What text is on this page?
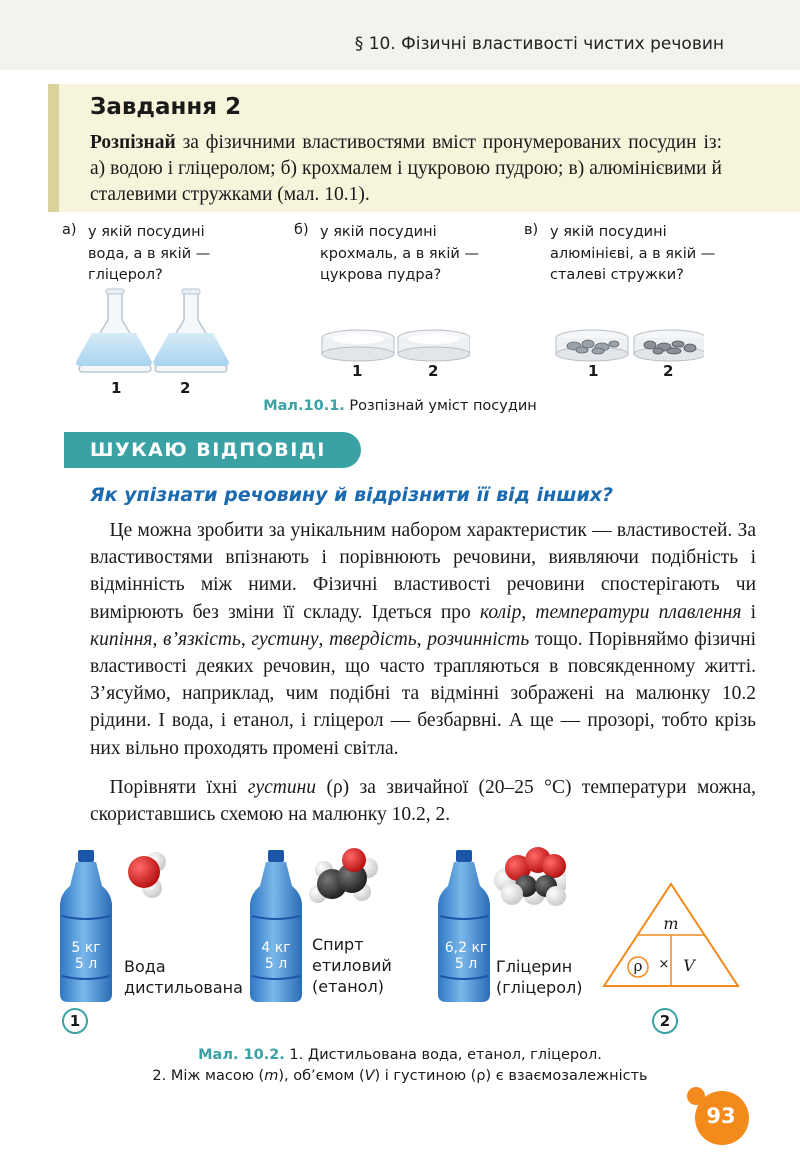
§ 10. Фізичні властивості чистих речовин
Завдання 2
Розпізнай за фізичними властивостями вміст пронумерованих посудин із: а) водою і гліцеролом; б) крохмалем і цукровою пудрою; в) алюмінієвими й сталевими стружками (мал. 10.1).
а) у якій посудині
вода, а в якій —
гліцерол?
б) у якій посудині
крохмаль, а в якій —
цукрова пудра?
в) у якій посудині
алюмінієві, а в якій —
сталеві стружки?
1	2
1	2	1	2
Мал.10.1. Розпізнай уміст посудин
ШУКАЮ ВІДПОВІДІ
Як упізнати речовину й відрізнити її від інших?
 Це можна зробити за унікальним набором характеристик — властивостей. За властивостями впізнають і порівнюють речовини, виявляючи подібність і відмінність між ними. Фізичні властивості речовини спостерігають чи вимірюють без зміни її складу. Ідеться про колір, температури плавлення і кипіння, в’язкість, густину, твердість, розчинність тощо. Порівняймо фізичні властивості деяких речовин, що часто трапляються в повсякденному житті. З’ясуймо, наприклад, чим подібні та відмінні зображені на малюнку 10.2 рідини. І вода, і етанол, і гліцерол — безбарвні. А ще — прозорі, тобто крізь них вільно проходять промені світла.
 Порівняти їхні густини (ρ) за звичайної (20–25 °C) температури можна, скориставшись схемою на малюнку 10.2, 2.
5 кг
5 л
4 кг
5 л
6,2 кг
5 л
Вода
дистильована
Спирт
етиловий
(етанол)
Гліцерин
(гліцерол)
m
ρ	× V
1	2
Мал. 10.2. 1. Дистильована вода, етанол, гліцерол.
2. Між масою (m), об’ємом (V) і густиною (ρ) є взаємозалежність
93
